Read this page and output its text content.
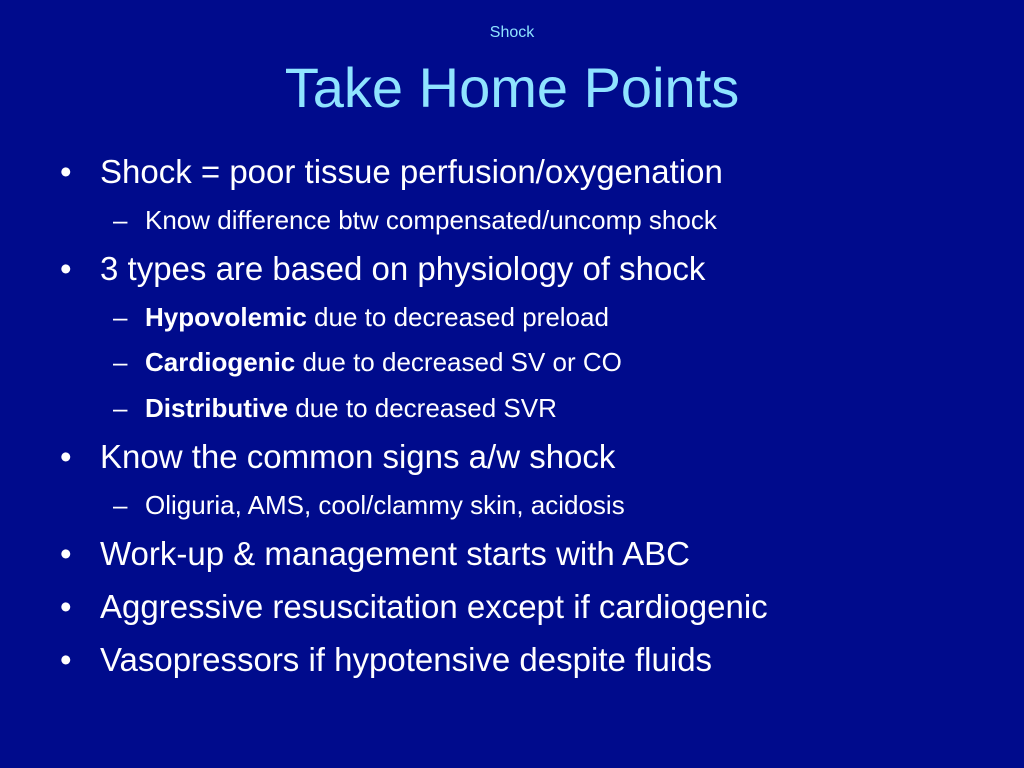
Shock
Take Home Points
• Shock = poor tissue perfusion/oxygenation
– Know difference btw compensated/uncomp shock
• 3 types are based on physiology of shock
– Hypovolemic due to decreased preload
– Cardiogenic due to decreased SV or CO
– Distributive due to decreased SVR
• Know the common signs a/w shock
– Oliguria, AMS, cool/clammy skin, acidosis
• Work-up & management starts with ABC
• Aggressive resuscitation except if cardiogenic
• Vasopressors if hypotensive despite fluids
